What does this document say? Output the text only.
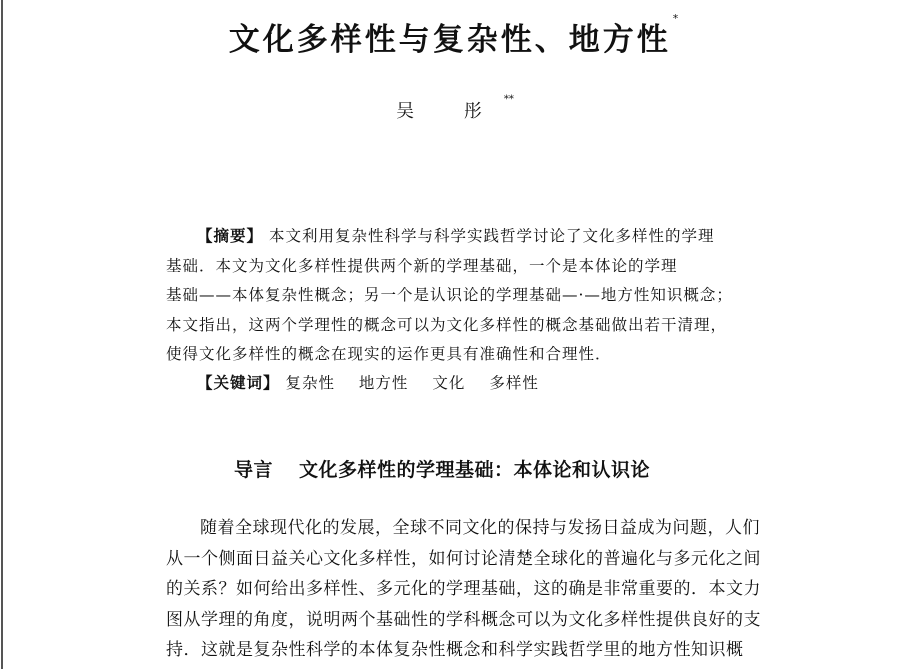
文化多样性与复杂性、地方性*
吴 彤**
【摘要】 本文利用复杂性科学与科学实践哲学讨论了文化多样性的学理
基础．本文为文化多样性提供两个新的学理基础，一个是本体论的学理
基础——本体复杂性概念；另一个是认识论的学理基础—·—地方性知识概念；
本文指出，这两个学理性的概念可以为文化多样性的概念基础做出若干清理，
使得文化多样性的概念在现实的运作更具有准确性和合理性．
【关键词】 复杂性 地方性 文化 多样性
导言 文化多样性的学理基础：本体论和认识论
随着全球现代化的发展，全球不同文化的保持与发扬日益成为问题，人们
从一个侧面日益关心文化多样性，如何讨论清楚全球化的普遍化与多元化之间
的关系？如何给出多样性、多元化的学理基础，这的确是非常重要的．本文力
图从学理的角度，说明两个基础性的学科概念可以为文化多样性提供良好的支
持．这就是复杂性科学的本体复杂性概念和科学实践哲学里的地方性知识概
